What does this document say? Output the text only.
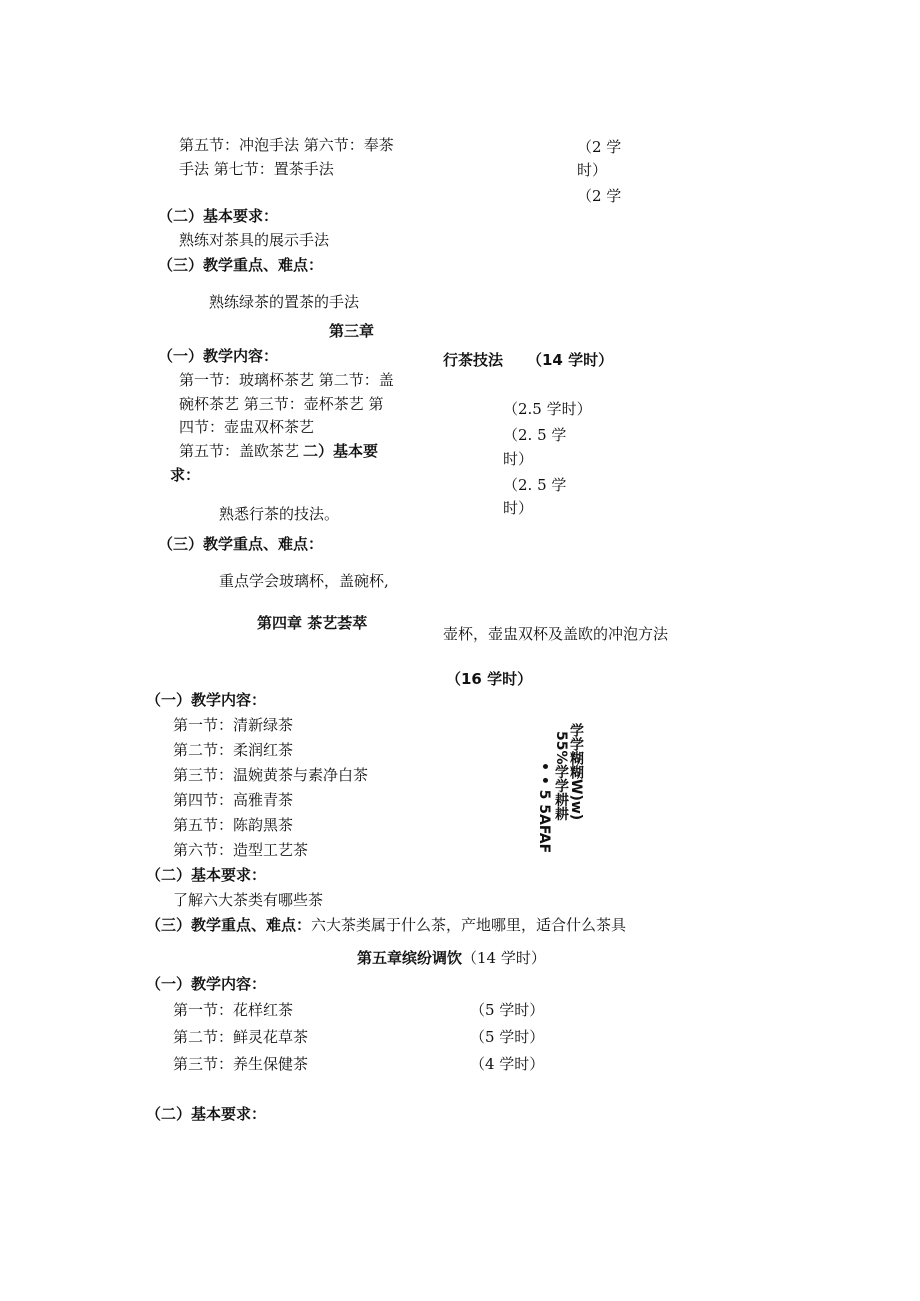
第五节：冲泡手法 第六节：奉茶
手法 第七节：置茶手法
（2 学
时）
（2 学
（二）基本要求：
熟练对茶具的展示手法
（三）教学重点、难点：
熟练绿茶的置茶的手法
第三章
（一）教学内容：	行茶技法 （14 学时）
第一节：玻璃杯茶艺 第二节：盖
碗杯茶艺 第三节：壶杯茶艺 第
四节：壶盅双杯茶艺
第五节：盖欧茶艺 二）基本要
求：
（2.5 学时）
（2. 5 学
时）
（2. 5 学
时）
熟悉行茶的技法。
（三）教学重点、难点：
重点学会玻璃杯，盖碗杯,
第四章 茶艺荟萃
壶杯，壶盅双杯及盖欧的冲泡方法
（16 学时）
（一）教学内容：
第一节：清新绿茶
第二节：柔润红茶
第三节：温婉黄茶与素净白茶
第四节：高雅青茶
第五节：陈韵黑茶
第六节：造型工艺茶
学学糊糊W)w)
55%学学耕耕
• • 5 5AFAF
（二）基本要求：
了解六大茶类有哪些茶
（三）教学重点、难点：六大茶类属于什么茶，产地哪里，适合什么茶具
第五章缤纷调饮（14 学时）
（一）教学内容：
第一节：花样红茶	（5 学时）
第二节：鲜灵花草茶	（5 学时）
第三节：养生保健茶	（4 学时）
（二）基本要求：
